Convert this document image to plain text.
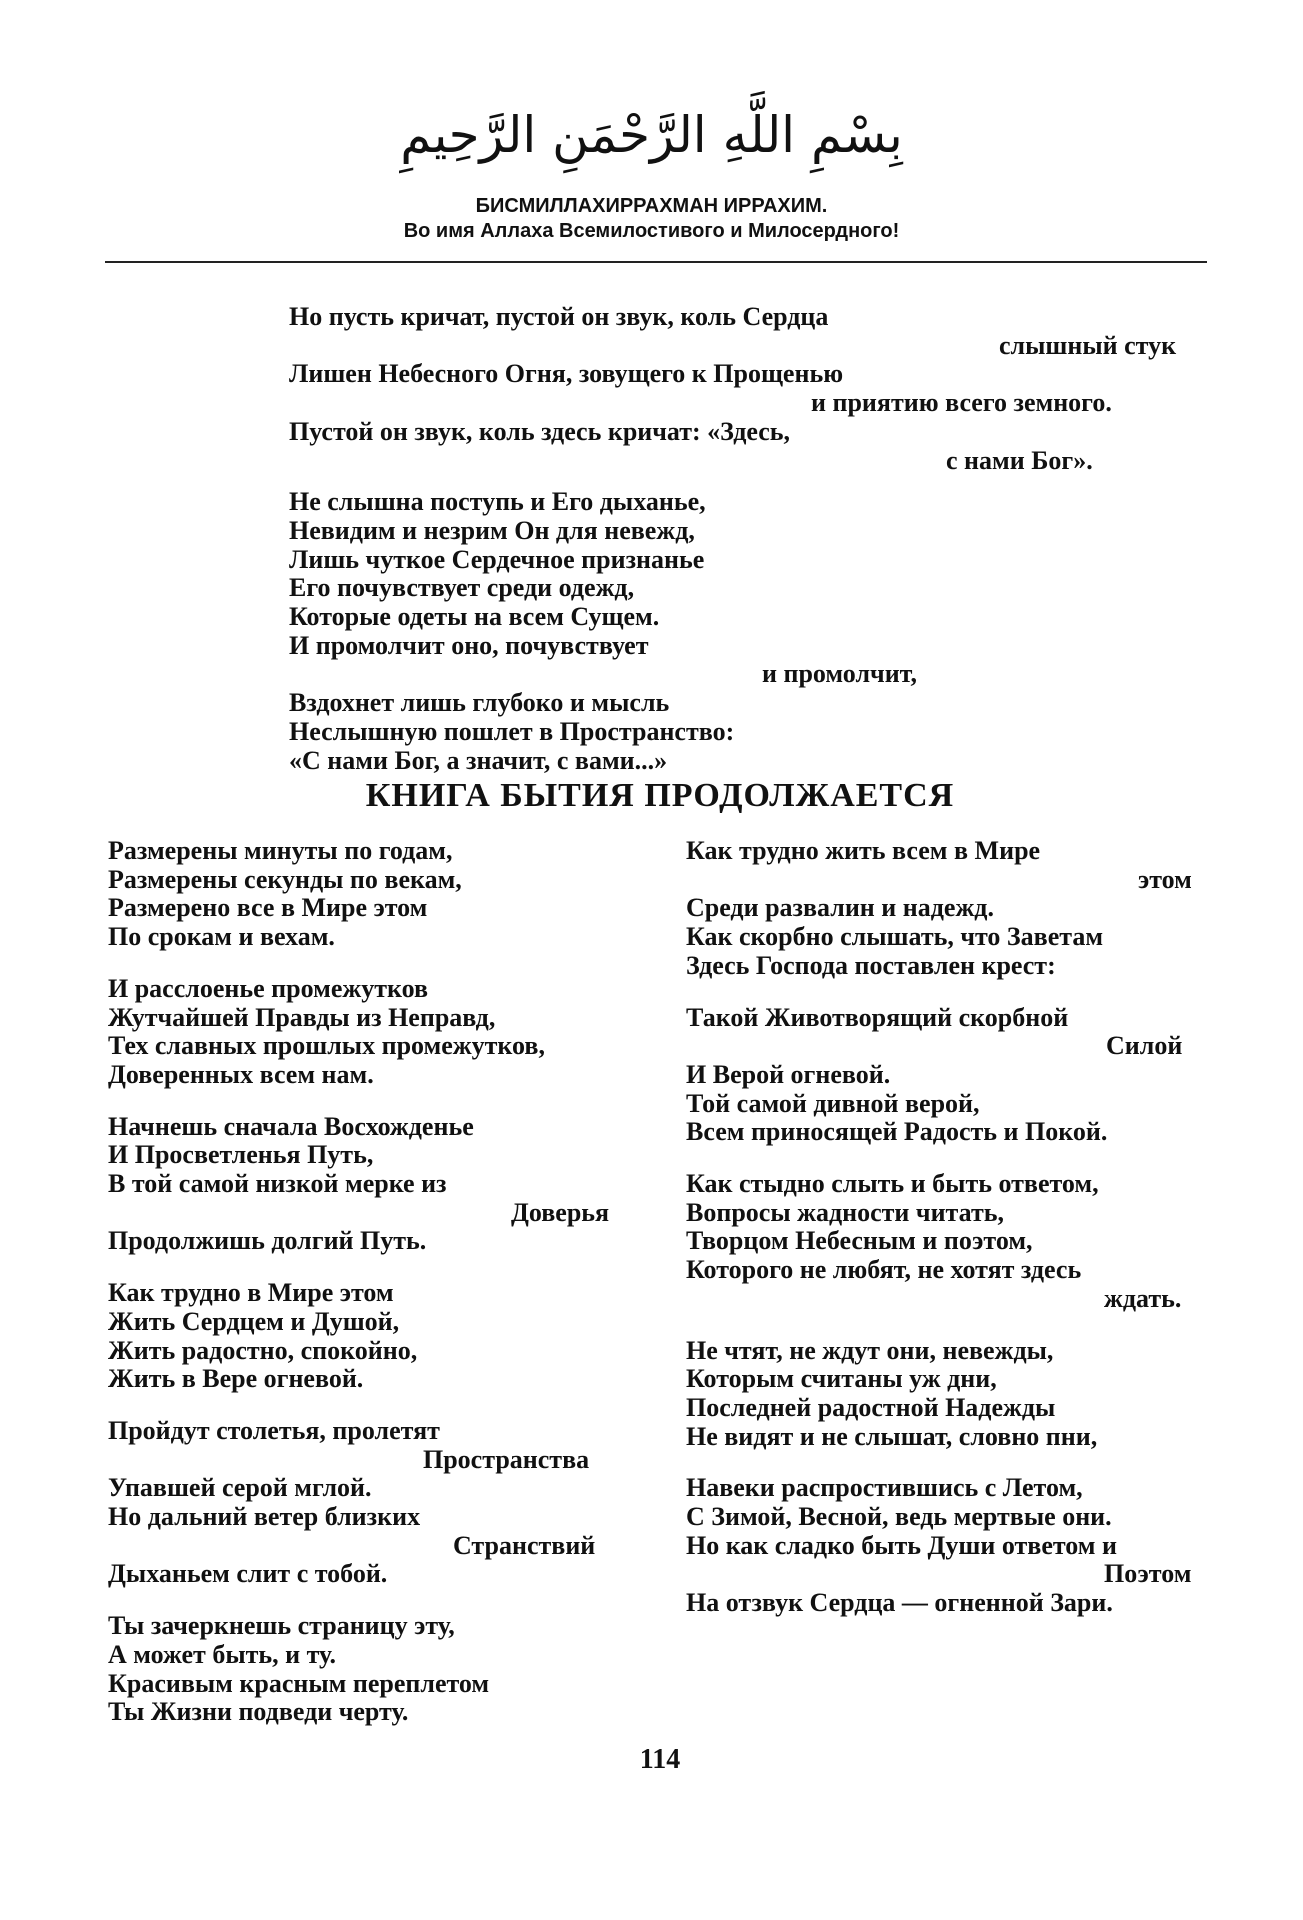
بِسْمِ اللَّهِ الرَّحْمَنِ الرَّحِيمِ
БИСМИЛЛАХИРРАХМАН ИРРАХИМ.
Во имя Аллаха Всемилостивого и Милосердного!
Но пусть кричат, пустой он звук, коль Сердца
слышный стук
Лишен Небесного Огня, зовущего к Прощенью
и приятию всего земного.
Пустой он звук, коль здесь кричат: «Здесь,
с нами Бог».
Не слышна поступь и Его дыханье,
Невидим и незрим Он для невежд,
Лишь чуткое Сердечное признанье
Его почувствует среди одежд,
Которые одеты на всем Сущем.
И промолчит оно, почувствует
и промолчит,
Вздохнет лишь глубоко и мысль
Неслышную пошлет в Пространство:
«С нами Бог, а значит, с вами...»
КНИГА БЫТИЯ ПРОДОЛЖАЕТСЯ
Размерены минуты по годам,
Размерены секунды по векам,
Размерено все в Мире этом
По срокам и вехам.
И расслоенье промежутков
Жутчайшей Правды из Неправд,
Тех славных прошлых промежутков,
Доверенных всем нам.
Начнешь сначала Восхожденье
И Просветленья Путь,
В той самой низкой мерке из
Доверья
Продолжишь долгий Путь.
Как трудно в Мире этом
Жить Сердцем и Душой,
Жить радостно, спокойно,
Жить в Вере огневой.
Пройдут столетья, пролетят
Пространства
Упавшей серой мглой.
Но дальний ветер близких
Странствий
Дыханьем слит с тобой.
Ты зачеркнешь страницу эту,
А может быть, и ту.
Красивым красным переплетом
Ты Жизни подведи черту.
Как трудно жить всем в Мире
этом
Среди развалин и надежд.
Как скорбно слышать, что Заветам
Здесь Господа поставлен крест:
Такой Животворящий скорбной
Силой
И Верой огневой.
Той самой дивной верой,
Всем приносящей Радость и Покой.
Как стыдно слыть и быть ответом,
Вопросы жадности читать,
Творцом Небесным и поэтом,
Которого не любят, не хотят здесь
ждать.
Не чтят, не ждут они, невежды,
Которым считаны уж дни,
Последней радостной Надежды
Не видят и не слышат, словно пни,
Навеки распростившись с Летом,
С Зимой, Весной, ведь мертвые они.
Но как сладко быть Души ответом и
Поэтом
На отзвук Сердца — огненной Зари.
114
